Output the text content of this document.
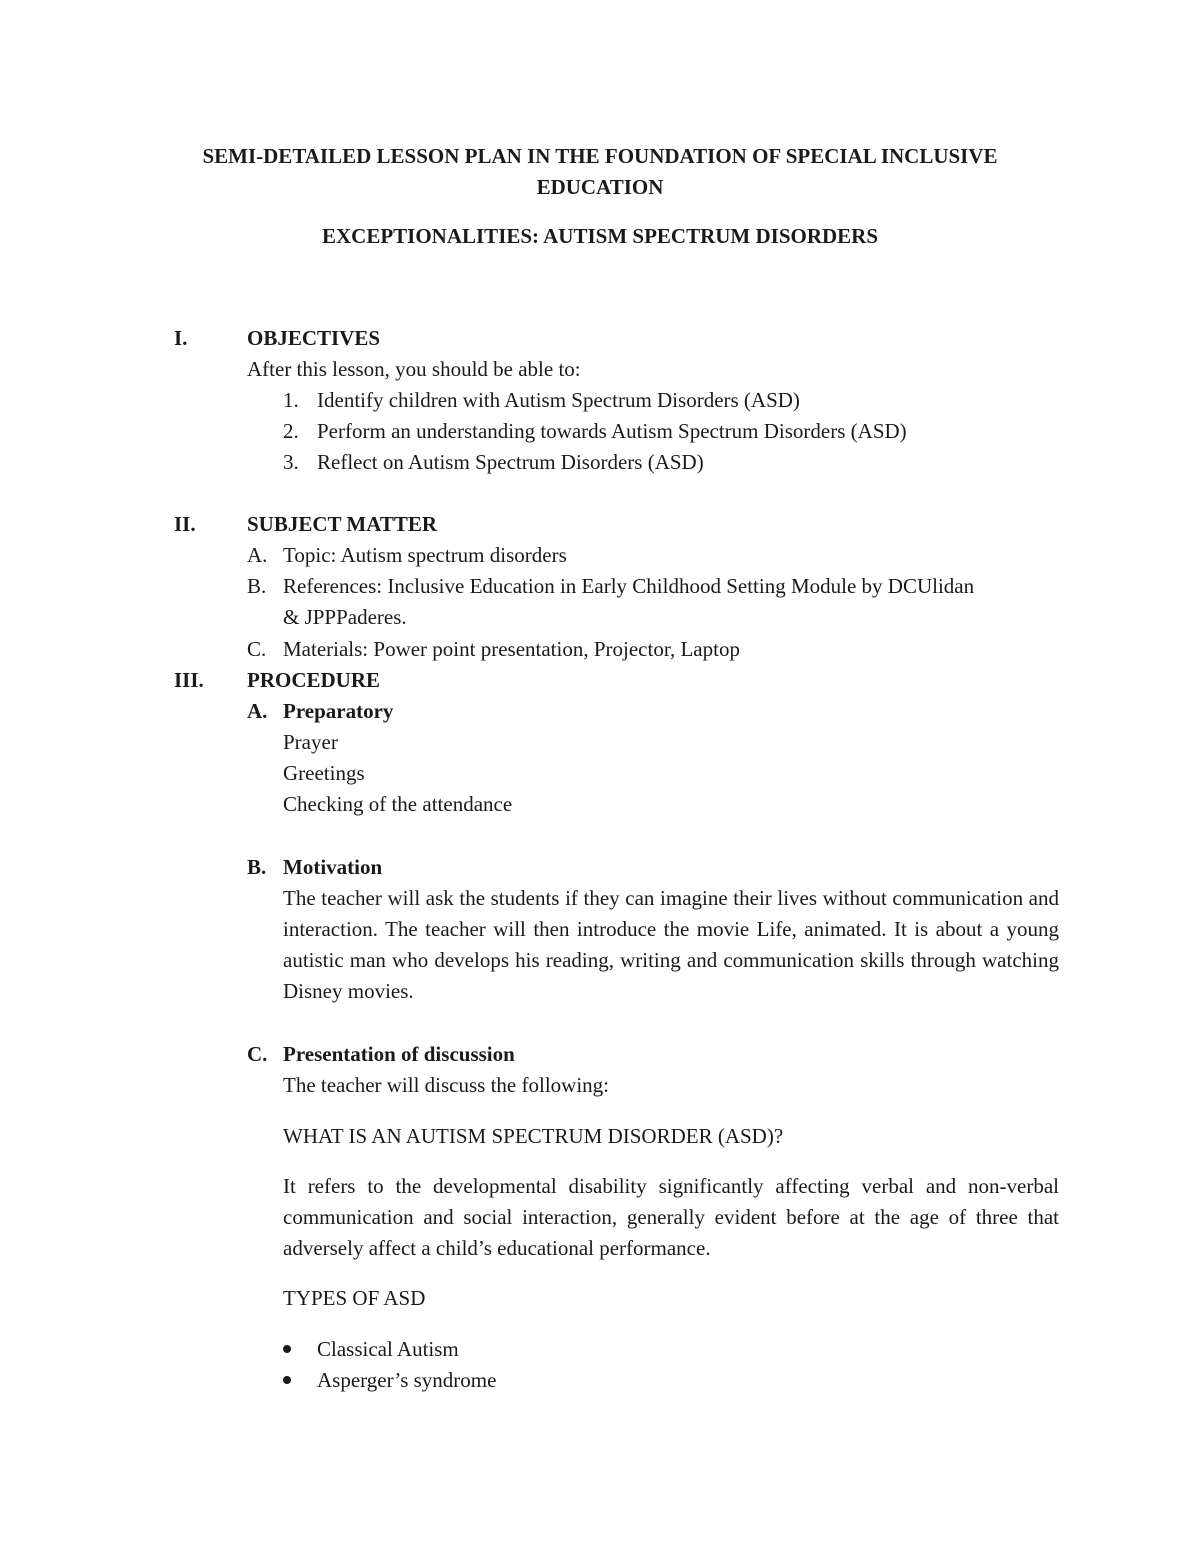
SEMI-DETAILED LESSON PLAN IN THE FOUNDATION OF SPECIAL INCLUSIVE
EDUCATION
EXCEPTIONALITIES: AUTISM SPECTRUM DISORDERS
I.	OBJECTIVES
After this lesson, you should be able to:
1. Identify children with Autism Spectrum Disorders (ASD)
2. Perform an understanding towards Autism Spectrum Disorders (ASD)
3. Reflect on Autism Spectrum Disorders (ASD)
II. SUBJECT MATTER
A. Topic: Autism spectrum disorders
B. References: Inclusive Education in Early Childhood Setting Module by DCUlidan
& JPPPaderes.
C. Materials: Power point presentation, Projector, Laptop
III. PROCEDURE
A. Preparatory
Prayer
Greetings
Checking of the attendance
B. Motivation
The teacher will ask the students if they can imagine their lives without communication and interaction. The teacher will then introduce the movie Life, animated. It is about a young autistic man who develops his reading, writing and communication skills through watching Disney movies.
C. Presentation of discussion
The teacher will discuss the following:
WHAT IS AN AUTISM SPECTRUM DISORDER (ASD)?
It refers to the developmental disability significantly affecting verbal and non-verbal communication and social interaction, generally evident before at the age of three that adversely affect a child’s educational performance.
TYPES OF ASD
Classical Autism
Asperger’s syndrome
